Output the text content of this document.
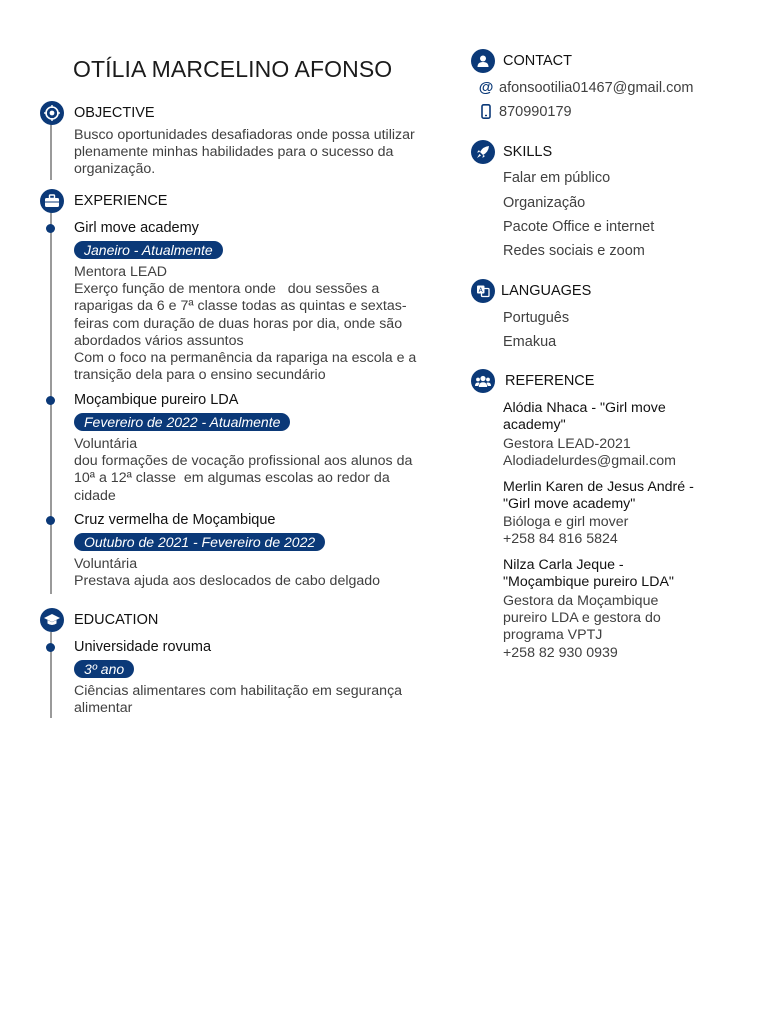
OTÍLIA MARCELINO AFONSO
OBJECTIVE
Busco oportunidades desafiadoras onde possa utilizar
plenamente minhas habilidades para o sucesso da
organização.
EXPERIENCE
Girl move academy
Janeiro - Atualmente
Mentora LEAD
Exerço função de mentora onde   dou sessões a
raparigas da 6 e 7ª classe todas as quintas e sextas-
feiras com duração de duas horas por dia, onde são
abordados vários assuntos
Com o foco na permanência da rapariga na escola e a
transição dela para o ensino secundário
Moçambique pureiro LDA
Fevereiro de 2022 - Atualmente
Voluntária
dou formações de vocação profissional aos alunos da
10ª a 12ª classe  em algumas escolas ao redor da
cidade
Cruz vermelha de Moçambique
Outubro de 2021 - Fevereiro de 2022
Voluntária
Prestava ajuda aos deslocados de cabo delgado
EDUCATION
Universidade rovuma
3º ano
Ciências alimentares com habilitação em segurança
alimentar
CONTACT
@ afonsootilia01467@gmail.com
870990179
SKILLS
Falar em público
Organização
Pacote Office e internet
Redes sociais e zoom
A LANGUAGES
Português
Emakua
REFERENCE
Alódia Nhaca - "Girl move
academy"
Gestora LEAD-2021
Alodiadelurdes@gmail.com
Merlin Karen de Jesus André -
"Girl move academy"
Bióloga e girl mover
+258 84 816 5824
Nilza Carla Jeque -
"Moçambique pureiro LDA"
Gestora da Moçambique
pureiro LDA e gestora do
programa VPTJ
+258 82 930 0939
